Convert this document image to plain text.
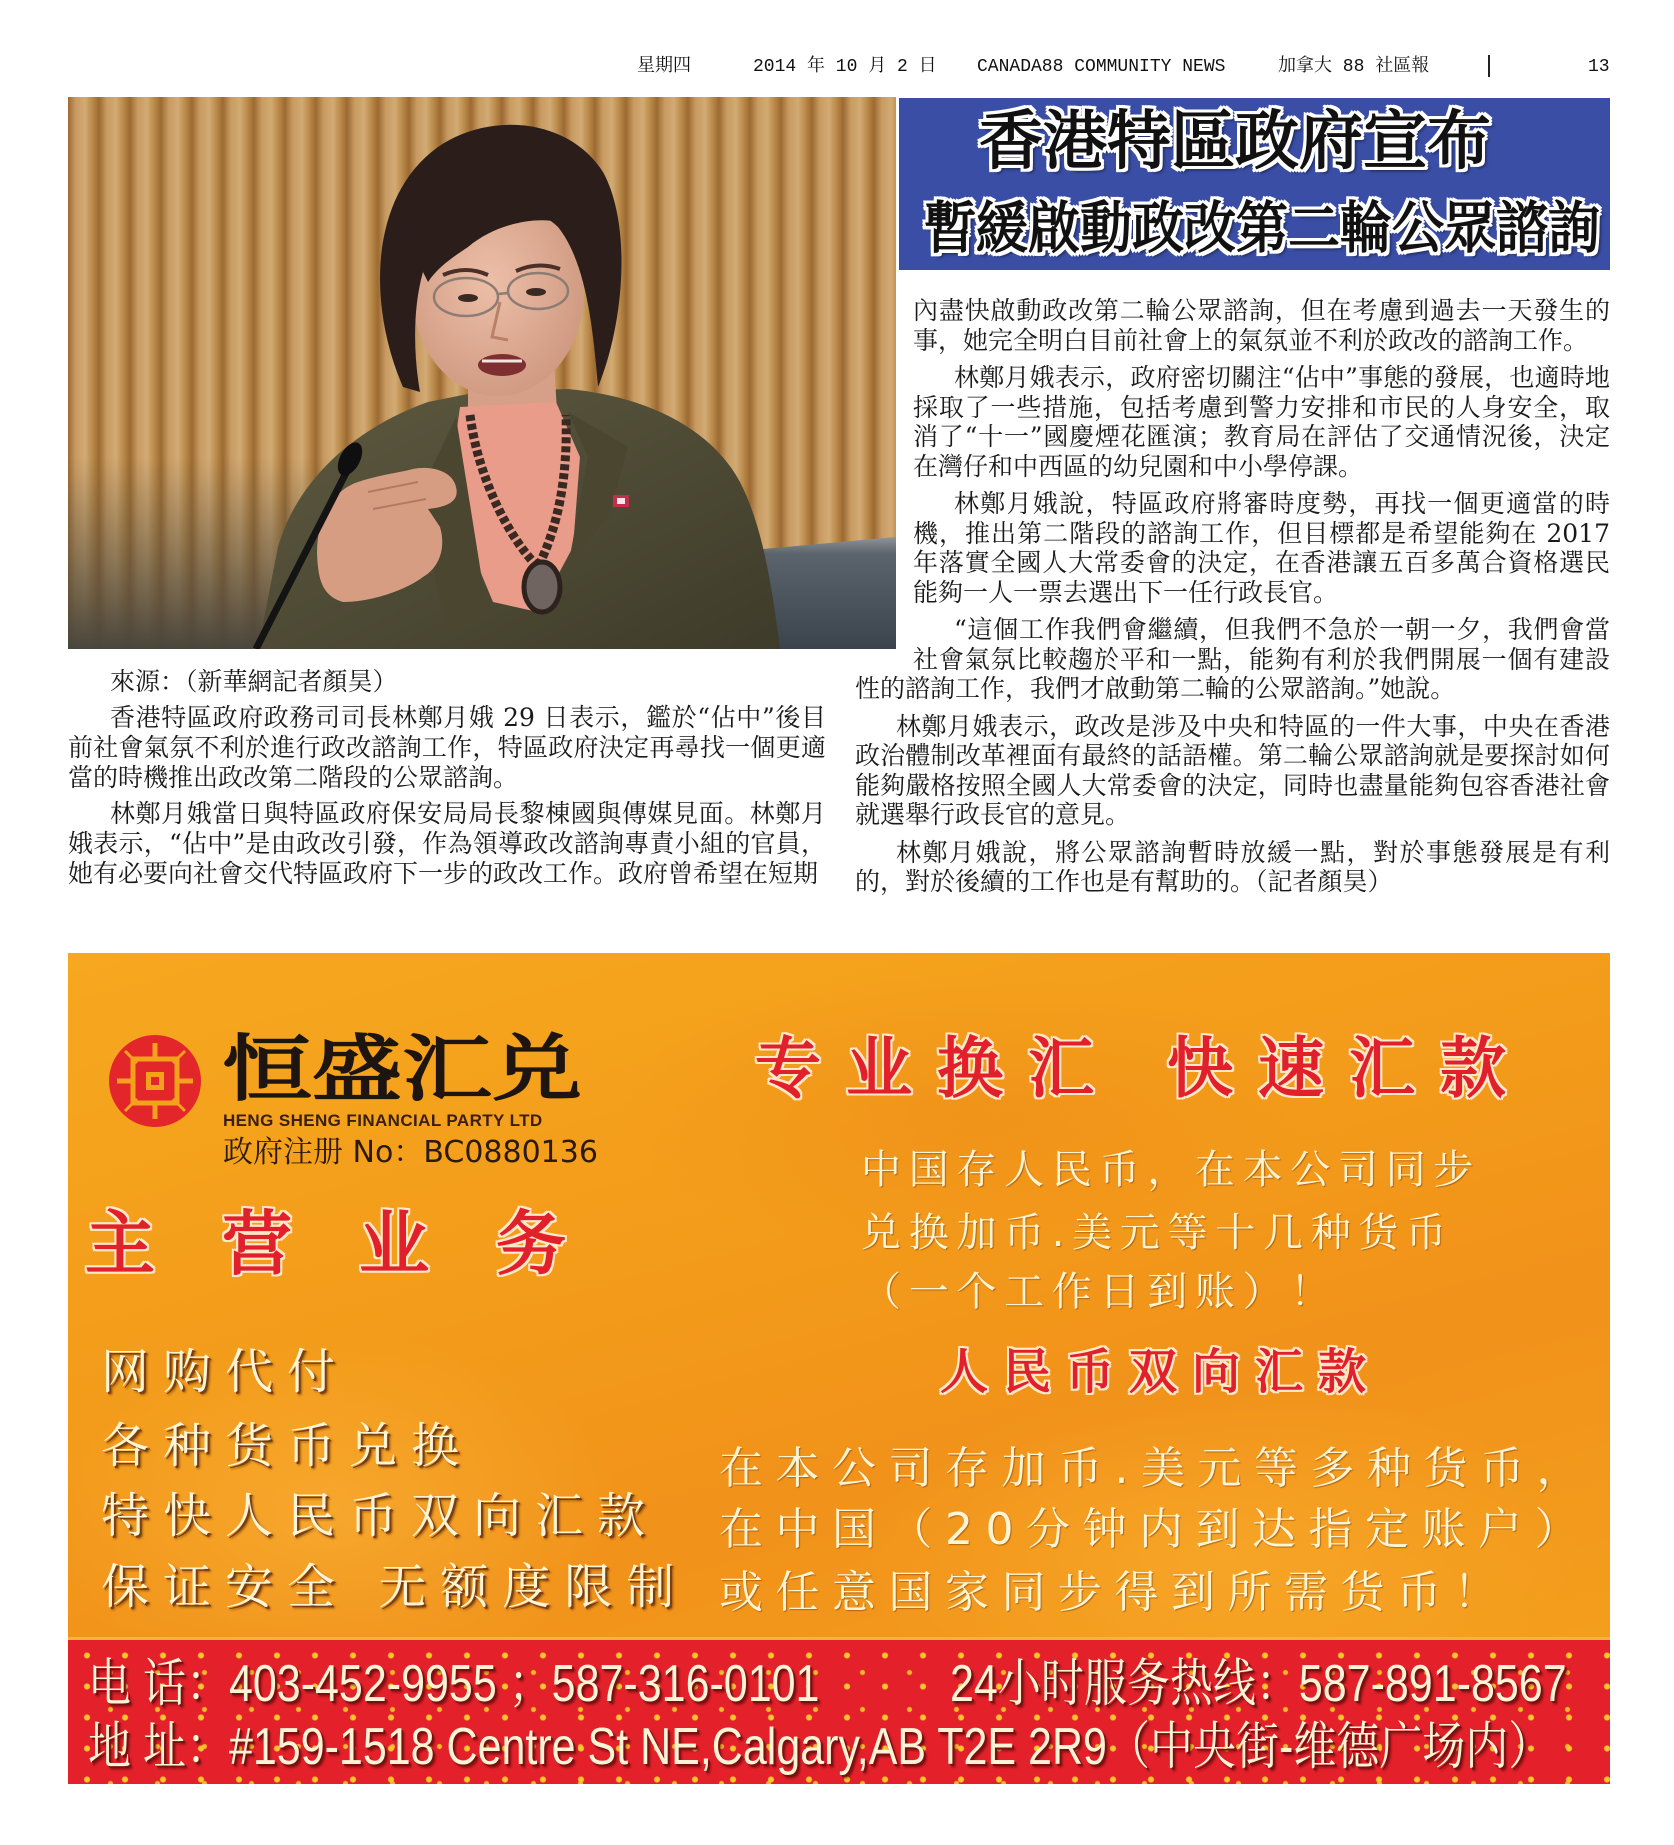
星期四	2014 年 10 月 2 日 CANADA88 COMMUNITY NEWS	加拿大 88 社區報	13
香港特區政府宣布
暫緩啟動政改第二輪公眾諮詢

來源：（新華網記者顏昊）

香港特區政府政務司司長林鄭月娥 29 日表示，鑑於“佔中”後目前社會氣氛不利於進行政改諮詢工作，特區政府決定再尋找一個更適當的時機推出政改第二階段的公眾諮詢。

林鄭月娥當日與特區政府保安局局長黎棟國與傳媒見面。林鄭月娥表示，“佔中”是由政改引發，作為領導政改諮詢專責小組的官員，她有必要向社會交代特區政府下一步的政改工作。政府曾希望在短期

內盡快啟動政改第二輪公眾諮詢，但在考慮到過去一天發生的事，她完全明白目前社會上的氣氛並不利於政改的諮詢工作。

林鄭月娥表示，政府密切關注“佔中”事態的發展，也適時地採取了一些措施，包括考慮到警力安排和市民的人身安全，取消了“十一”國慶煙花匯演；教育局在評估了交通情況後，決定在灣仔和中西區的幼兒園和中小學停課。

林鄭月娥說，特區政府將審時度勢，再找一個更適當的時機，推出第二階段的諮詢工作，但目標都是希望能夠在 2017 年落實全國人大常委會的決定，在香港讓五百多萬合資格選民能夠一人一票去選出下一任行政長官。

“這個工作我們會繼續，但我們不急於一朝一夕，我們會當社會氣氛比較趨於平和一點，能夠有利於我們開展一個有建設性的諮詢工作，我們才啟動第二輪的公眾諮詢。”她說。

林鄭月娥表示，政改是涉及中央和特區的一件大事，中央在香港政治體制改革裡面有最終的話語權。第二輪公眾諮詢就是要探討如何能夠嚴格按照全國人大常委會的決定，同時也盡量能夠包容香港社會就選舉行政長官的意見。

林鄭月娥說，將公眾諮詢暫時放緩一點，對於事態發展是有利的，對於後續的工作也是有幫助的。（記者顏昊）

恒盛汇兑
HENG SHENG FINANCIAL PARTY LTD
政府注册 No：BC0880136
专业换汇 快速汇款
中国存人民币，在本公司同步
兑换加币.美元等十几种货币
（一个工作日到账）！
主营业务
网购代付
各种货币兑换
特快人民币双向汇款
保证安全 无额度限制
人民币双向汇款
在本公司存加币.美元等多种货币，
在中国（20分钟内到达指定账户）
或任意国家同步得到所需货币！
电 话：403-452-9955 ；587-316-0101	24小时服务热线：587-891-8567
地 址：#159-1518 Centre St NE,Calgary,AB T2E 2R9（中央街-维德广场内）
